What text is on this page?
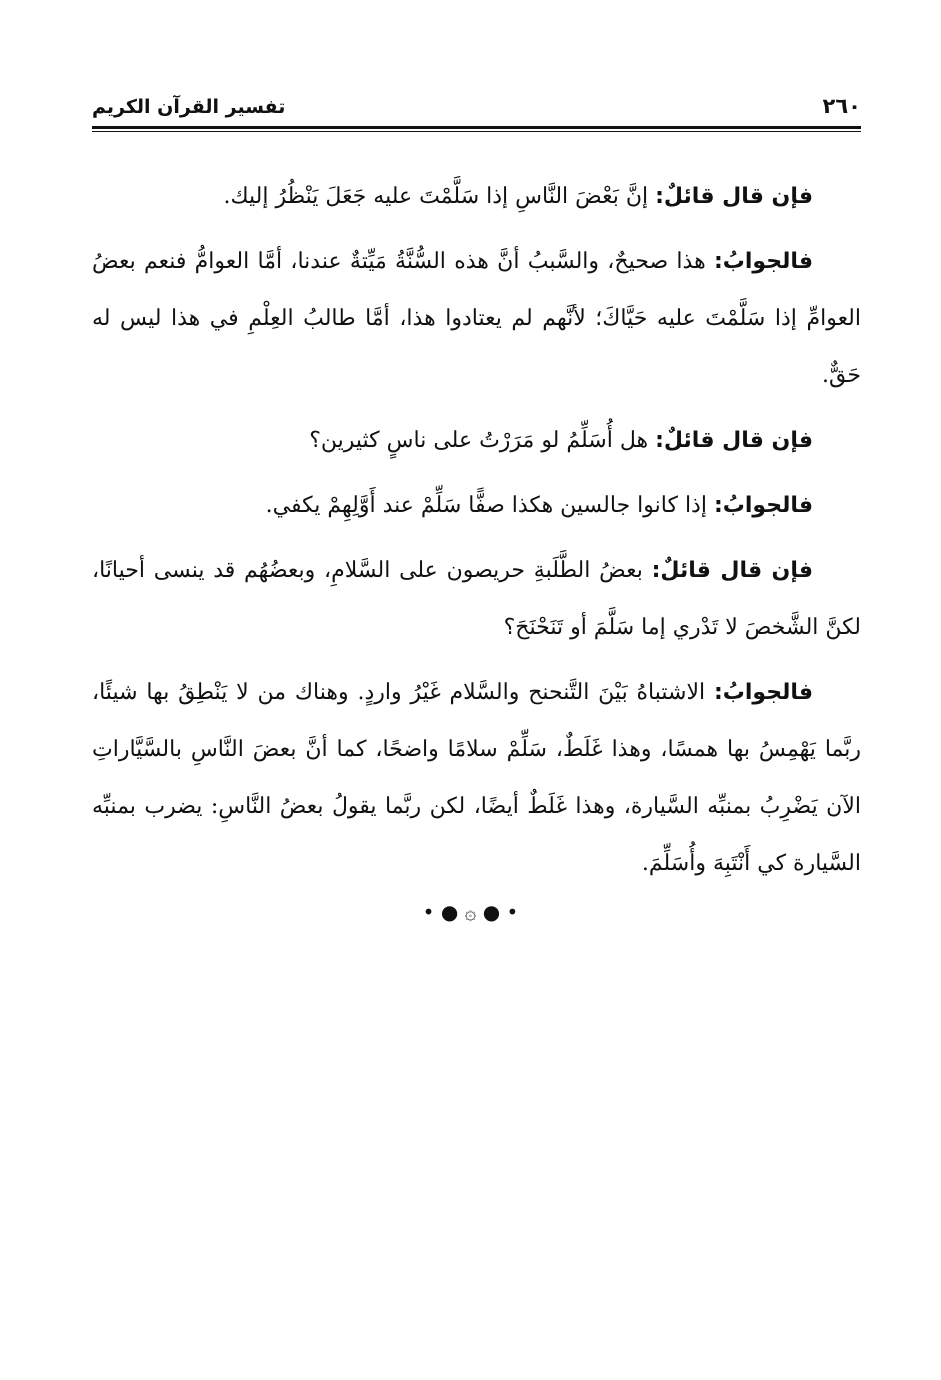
تفسير القرآن الكريم	٢٦٠

فإن قال قائلٌ: إنَّ بَعْضَ النَّاسِ إذا سَلَّمْتَ عليه جَعَلَ يَنْظُرُ إليك.

فالجوابُ: هذا صحيحٌ، والسَّببُ أنَّ هذه السُّنَّةُ مَيِّتةٌ عندنا، أمَّا العوامُّ فنعم بعضُ العوامِّ إذا سَلَّمْتَ عليه حَيَّاكَ؛ لأنَّهم لم يعتادوا هذا، أمَّا طالبُ العِلْمِ في هذا ليس له حَقٌّ.

فإن قال قائلٌ: هل أُسَلِّمُ لو مَرَرْتُ على ناسٍ كثيرين؟

فالجوابُ: إذا كانوا جالسين هكذا صفًّا سَلِّمْ عند أَوَّلِهِمْ يكفي.

فإن قال قائلٌ: بعضُ الطَّلَبةِ حريصون على السَّلامِ، وبعضُهُم قد ينسى أحيانًا، لكنَّ الشَّخصَ لا تَدْري إما سَلَّمَ أو تَنَحْنَحَ؟

فالجوابُ: الاشتباهُ بَيْنَ التَّنحنح والسَّلام غَيْرُ واردٍ. وهناك من لا يَنْطِقُ بها شيئًا، ربَّما يَهْمِسُ بها همسًا، وهذا غَلَطٌ، سَلِّمْ سلامًا واضحًا، كما أنَّ بعضَ النَّاسِ بالسَّيَّاراتِ الآن يَضْرِبُ بمنبِّه السَّيارة، وهذا غَلَطٌ أيضًا، لكن ربَّما يقولُ بعضُ النَّاسِ: يضرب بمنبِّه السَّيارة كي أَنْتَبِهَ وأُسَلِّمَ.

• ● ۞ ● •
